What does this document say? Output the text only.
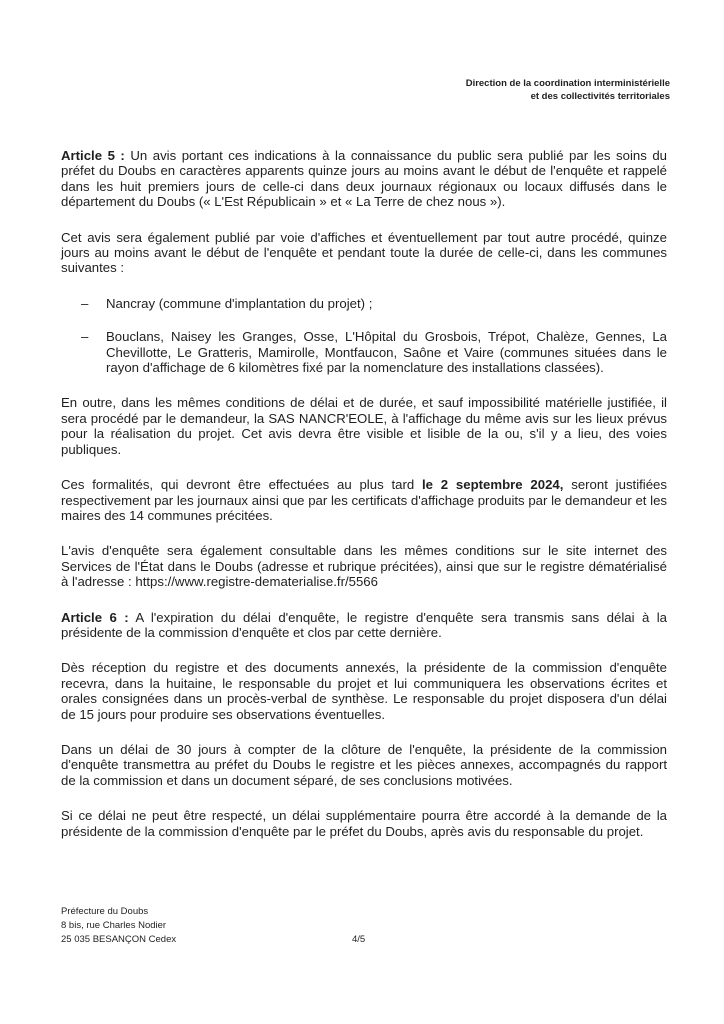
Direction de la coordination interministérielle
et des collectivités territoriales

Article 5 : Un avis portant ces indications à la connaissance du public sera publié par les soins du préfet du Doubs en caractères apparents quinze jours au moins avant le début de l'enquête et rappelé dans les huit premiers jours de celle-ci dans deux journaux régionaux ou locaux diffusés dans le département du Doubs (« L'Est Républicain » et « La Terre de chez nous »).

Cet avis sera également publié par voie d'affiches et éventuellement par tout autre procédé, quinze jours au moins avant le début de l'enquête et pendant toute la durée de celle-ci, dans les communes suivantes :

–	Nancray (commune d'implantation du projet) ;
–	Bouclans, Naisey les Granges, Osse, L'Hôpital du Grosbois, Trépot, Chalèze, Gennes, La Chevillotte, Le Gratteris, Mamirolle, Montfaucon, Saône et Vaire (communes situées dans le rayon d'affichage de 6 kilomètres fixé par la nomenclature des installations classées).

En outre, dans les mêmes conditions de délai et de durée, et sauf impossibilité matérielle justifiée, il sera procédé par le demandeur, la SAS NANCR'EOLE, à l'affichage du même avis sur les lieux prévus pour la réalisation du projet. Cet avis devra être visible et lisible de la ou, s'il y a lieu, des voies publiques.

Ces formalités, qui devront être effectuées au plus tard le 2 septembre 2024, seront justifiées respectivement par les journaux ainsi que par les certificats d'affichage produits par le demandeur et les maires des 14 communes précitées.

L'avis d'enquête sera également consultable dans les mêmes conditions sur le site internet des Services de l'État dans le Doubs (adresse et rubrique précitées), ainsi que sur le registre dématérialisé à l'adresse : https://www.registre-dematerialise.fr/5566

Article 6 : A l'expiration du délai d'enquête, le registre d'enquête sera transmis sans délai à la présidente de la commission d'enquête et clos par cette dernière.

Dès réception du registre et des documents annexés, la présidente de la commission d'enquête recevra, dans la huitaine, le responsable du projet et lui communiquera les observations écrites et orales consignées dans un procès-verbal de synthèse. Le responsable du projet disposera d'un délai de 15 jours pour produire ses observations éventuelles.

Dans un délai de 30 jours à compter de la clôture de l'enquête, la présidente de la commission d'enquête transmettra au préfet du Doubs le registre et les pièces annexes, accompagnés du rapport de la commission et dans un document séparé, de ses conclusions motivées.

Si ce délai ne peut être respecté, un délai supplémentaire pourra être accordé à la demande de la présidente de la commission d'enquête par le préfet du Doubs, après avis du responsable du projet.

Préfecture du Doubs
8 bis, rue Charles Nodier
25 035 BESANÇON Cedex	4/5
